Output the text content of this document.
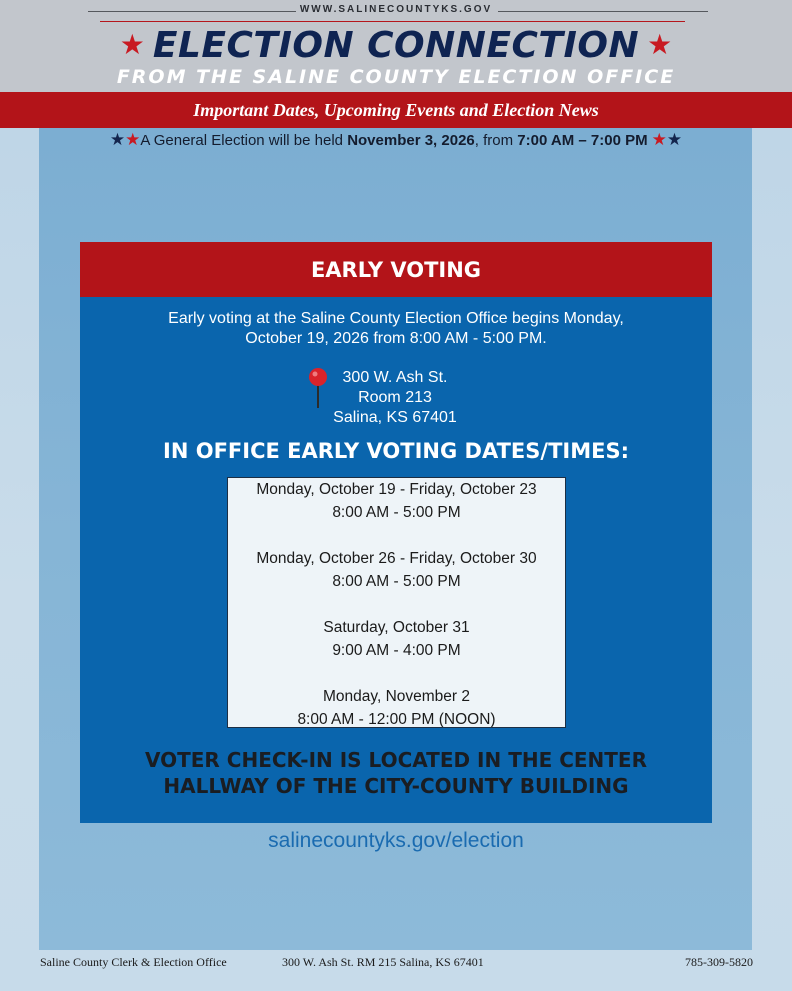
WWW.SALINECOUNTYKS.GOV
★ ELECTION CONNECTION ★
FROM THE SALINE COUNTY ELECTION OFFICE
Important Dates, Upcoming Events and Election News
★ ★ A General Election will be held November 3, 2026 , from 7:00 AM – 7:00 PM ★ ★
EARLY VOTING
Early voting at the Saline County Election Office begins Monday,
October 19, 2026 from 8:00 AM - 5:00 PM.
300 W. Ash St.
Room 213
Salina, KS 67401
IN OFFICE EARLY VOTING DATES/TIMES:
Monday, October 19 - Friday, October 23
8:00 AM - 5:00 PM
Monday, October 26 - Friday, October 30
8:00 AM - 5:00 PM
Saturday, October 31
9:00 AM - 4:00 PM
Monday, November 2
8:00 AM - 12:00 PM (NOON)
VOTER CHECK-IN IS LOCATED IN THE CENTER
HALLWAY OF THE CITY-COUNTY BUILDING
salinecountyks.gov/election
Saline County Clerk & Election Office	300 W. Ash St. RM 215 Salina, KS 67401	785-309-5820
